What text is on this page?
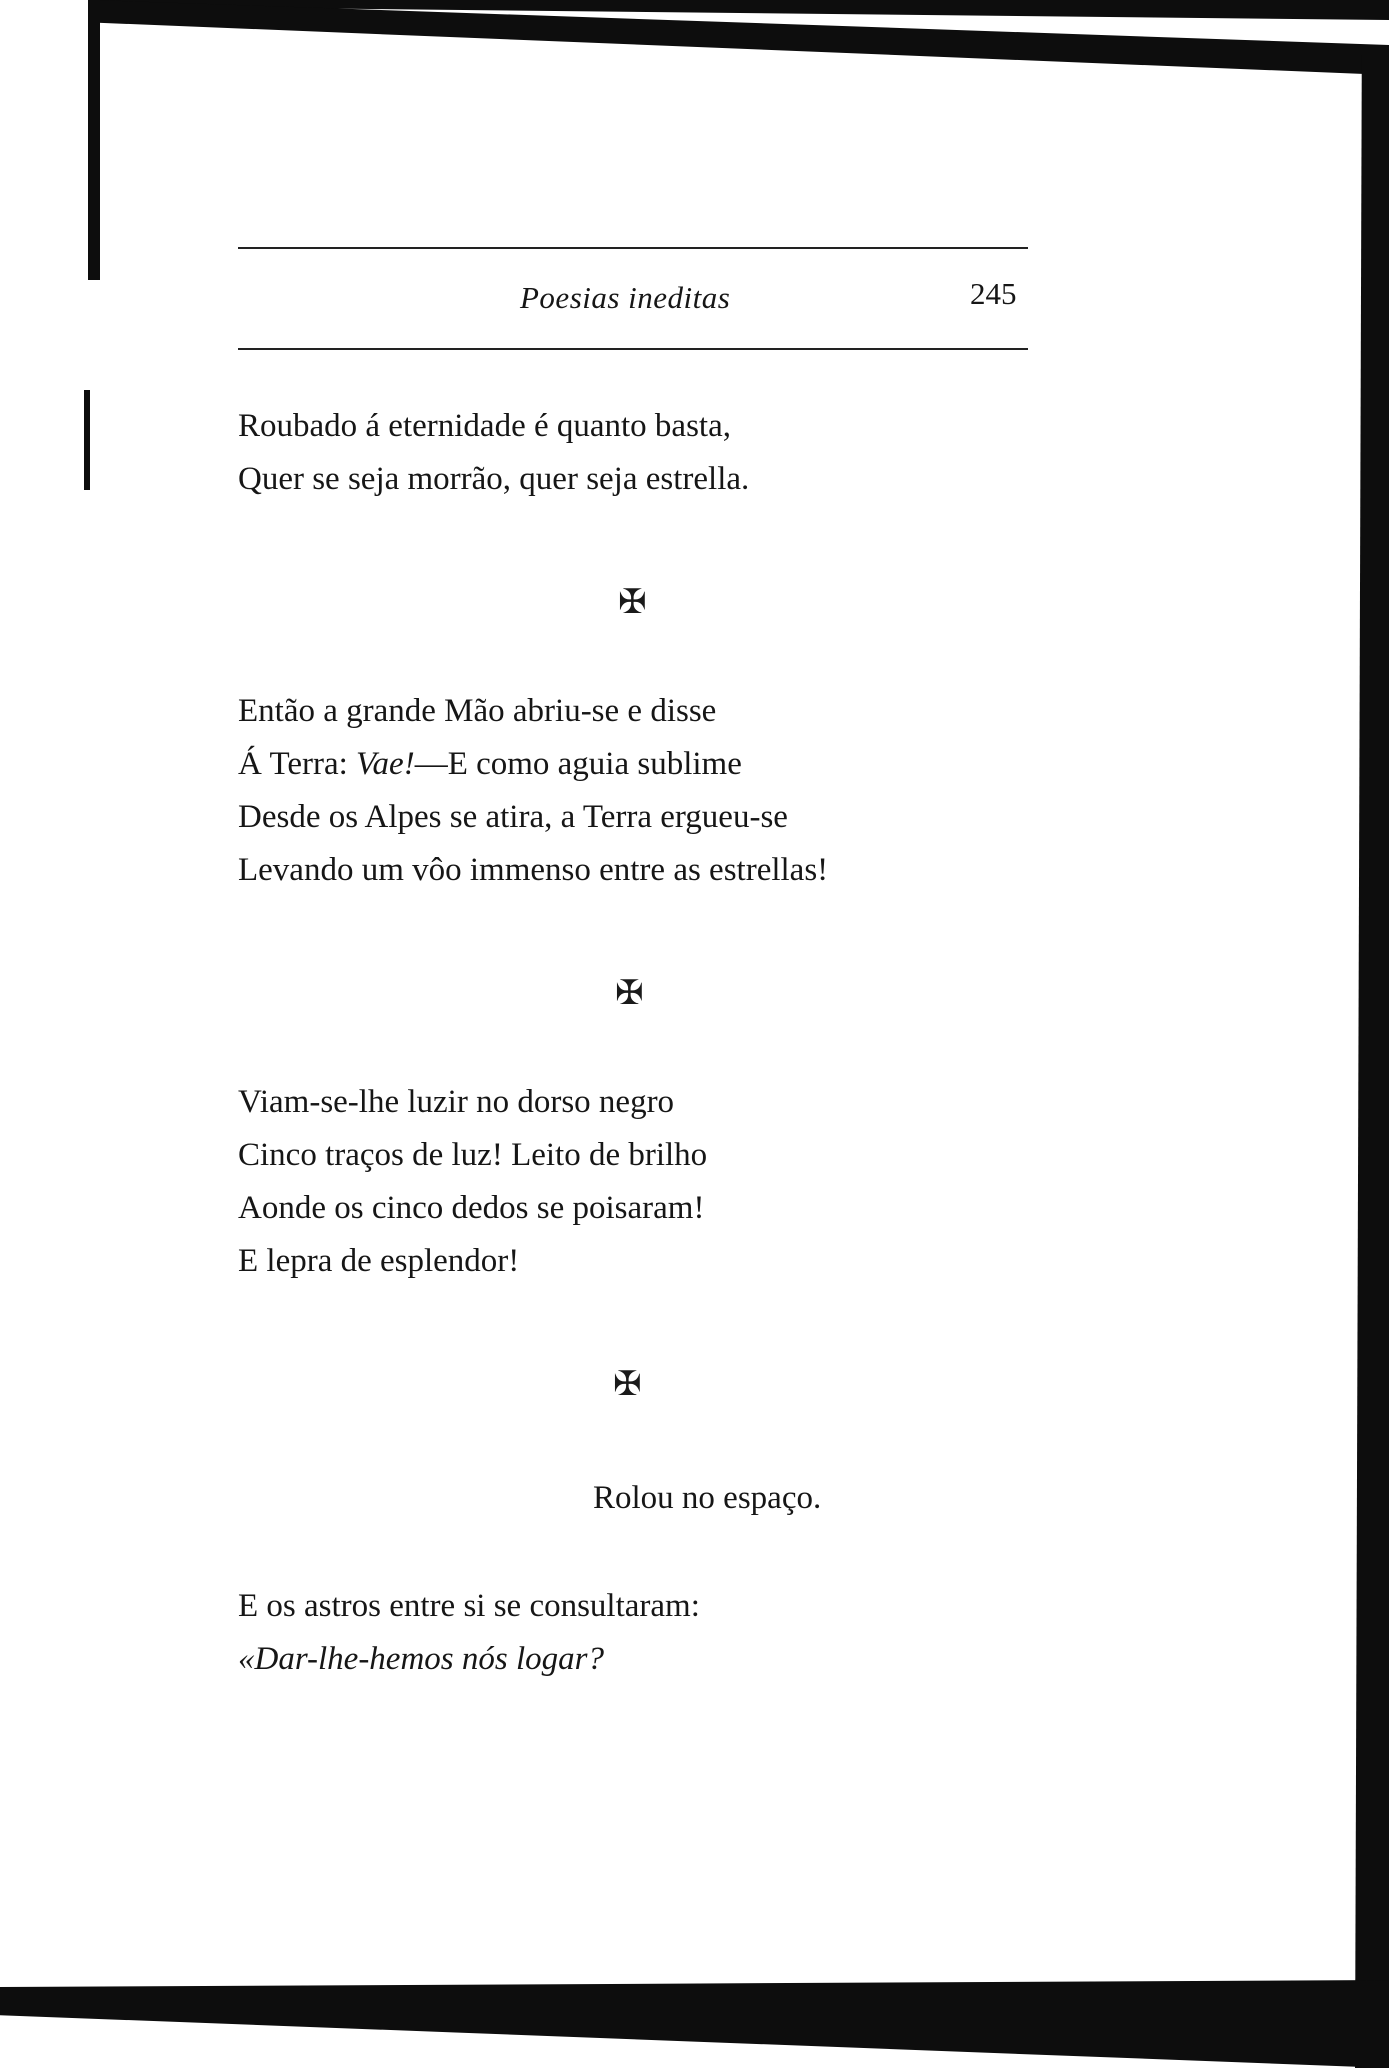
Poesias ineditas	245
Roubado á eternidade é quanto basta,
Quer se seja morrão, quer seja estrella.
✠
Então a grande Mão abriu-se e disse
Á Terra: Vae!—E como aguia sublime
Desde os Alpes se atira, a Terra ergueu-se
Levando um vôo immenso entre as estrellas!
✠
Viam-se-lhe luzir no dorso negro
Cinco traços de luz! Leito de brilho
Aonde os cinco dedos se poisaram!
E lepra de esplendor!
✠
Rolou no espaço.
E os astros entre si se consultaram:
«Dar-lhe-hemos nós logar?
